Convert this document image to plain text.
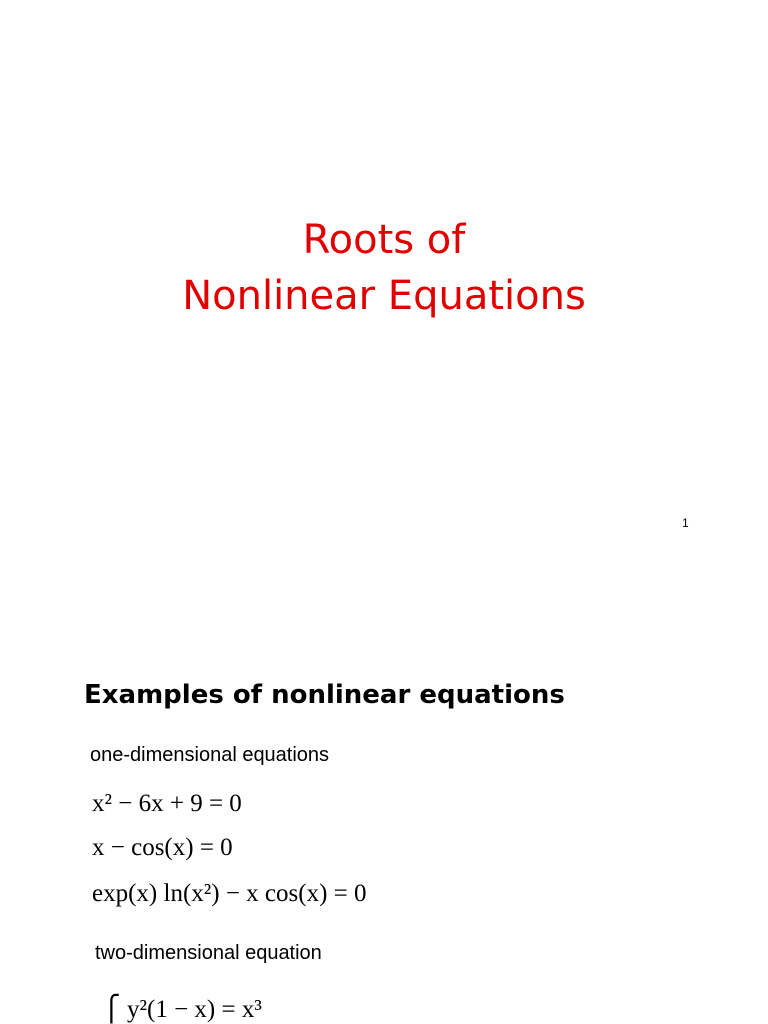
Roots of
Nonlinear Equations
1
Examples of nonlinear equations
one-dimensional equations
x² − 6x + 9 = 0
x − cos(x) = 0
exp(x) ln(x²) − x cos(x) = 0
two-dimensional equation
⎧ y²(1 − x) = x³
